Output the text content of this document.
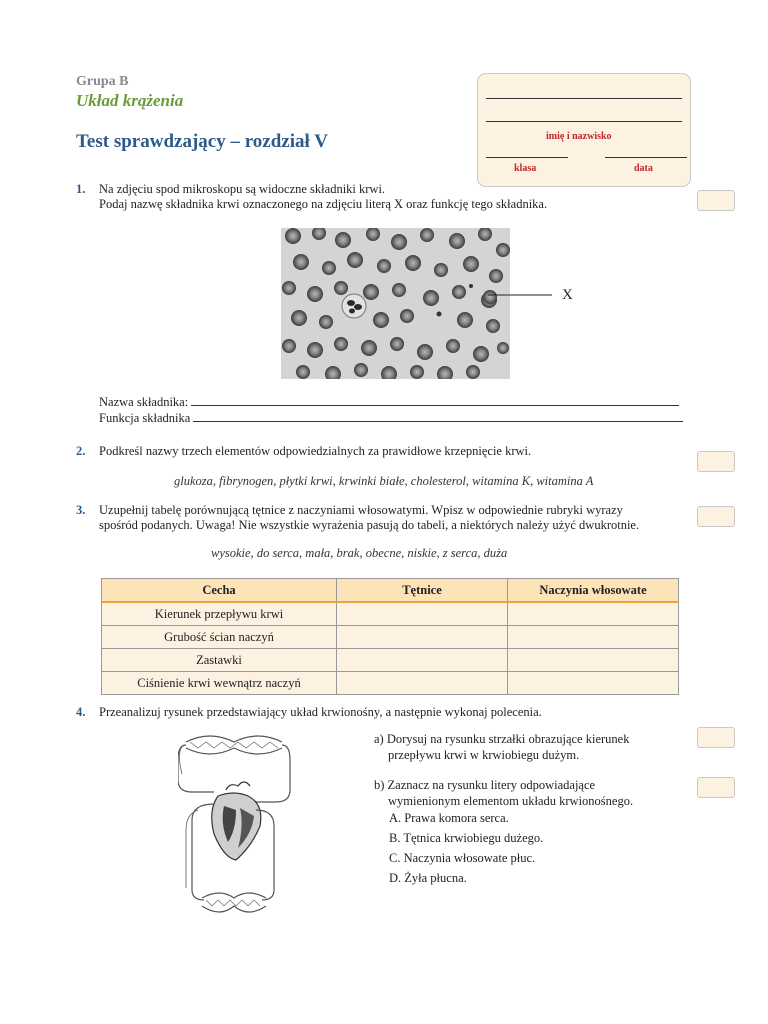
Grupa B
Układ krążenia
Test sprawdzający – rozdział V	imię i nazwisko
klasa	data
1. Na zdjęciu spod mikroskopu są widoczne składniki krwi.
Podaj nazwę składnika krwi oznaczonego na zdjęciu literą X oraz funkcję tego składnika.
X
Nazwa składnika:
Funkcja składnika
2. Podkreśl nazwy trzech elementów odpowiedzialnych za prawidłowe krzepnięcie krwi.
glukoza, fibrynogen, płytki krwi, krwinki białe, cholesterol, witamina K, witamina A
3. Uzupełnij tabelę porównującą tętnice z naczyniami włosowatymi. Wpisz w odpowiednie rubryki wyrazy
spośród podanych. Uwaga! Nie wszystkie wyrażenia pasują do tabeli, a niektórych należy użyć dwukrotnie.
wysokie, do serca, mała, brak, obecne, niskie, z serca, duża
Cecha	Tętnice	Naczynia włosowate
Kierunek przepływu krwi		
Grubość ścian naczyń		
Zastawki		
Ciśnienie krwi wewnątrz naczyń		
4. Przeanalizuj rysunek przedstawiający układ krwionośny, a następnie wykonaj polecenia.
a) Dorysuj na rysunku strzałki obrazujące kierunek
przepływu krwi w krwiobiegu dużym.
b) Zaznacz na rysunku litery odpowiadające
wymienionym elementom układu krwionośnego.
A. Prawa komora serca.
B. Tętnica krwiobiegu dużego.
C. Naczynia włosowate płuc.
D. Żyła płucna.
